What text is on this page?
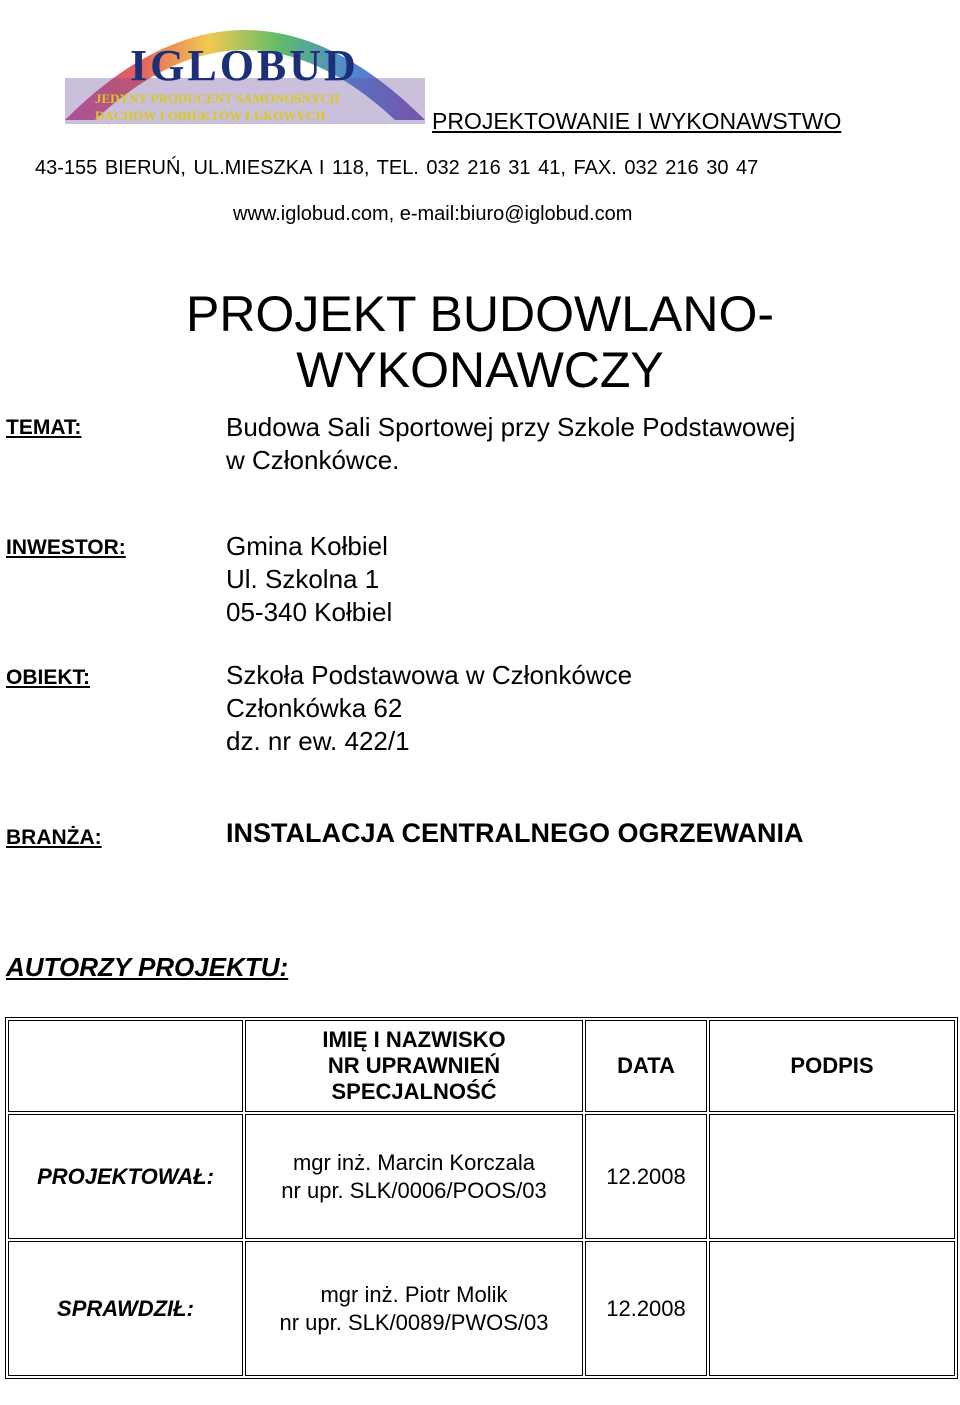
IGLOBUD
JEDYNY PRODUCENT SAMONOŚNYCH
DACHÓW I OBIEKTÓW ŁUKOWYCH	PROJEKTOWANIE I WYKONAWSTWO
43-155 BIERUŃ, UL.MIESZKA I 118, TEL. 032 216 31 41, FAX. 032 216 30 47
www.iglobud.com, e-mail:biuro@iglobud.com
PROJEKT BUDOWLANO-
WYKONAWCZY
TEMAT:	Budowa Sali Sportowej przy Szkole Podstawowej
w Członkówce.
INWESTOR:	Gmina Kołbiel
Ul. Szkolna 1
05-340 Kołbiel
OBIEKT:	Szkoła Podstawowa w Członkówce
Członkówka 62
dz. nr ew. 422/1
BRANŻA:	INSTALACJA CENTRALNEGO OGRZEWANIA
AUTORZY PROJEKTU:

	IMIĘ I NAZWISKO
NR UPRAWNIEŃ
SPECJALNOŚĆ	DATA	PODPIS
PROJEKTOWAŁ:	mgr inż. Marcin Korczala
nr upr. SLK/0006/POOS/03	12.2008	
SPRAWDZIŁ:	mgr inż. Piotr Molik
nr upr. SLK/0089/PWOS/03	12.2008	
